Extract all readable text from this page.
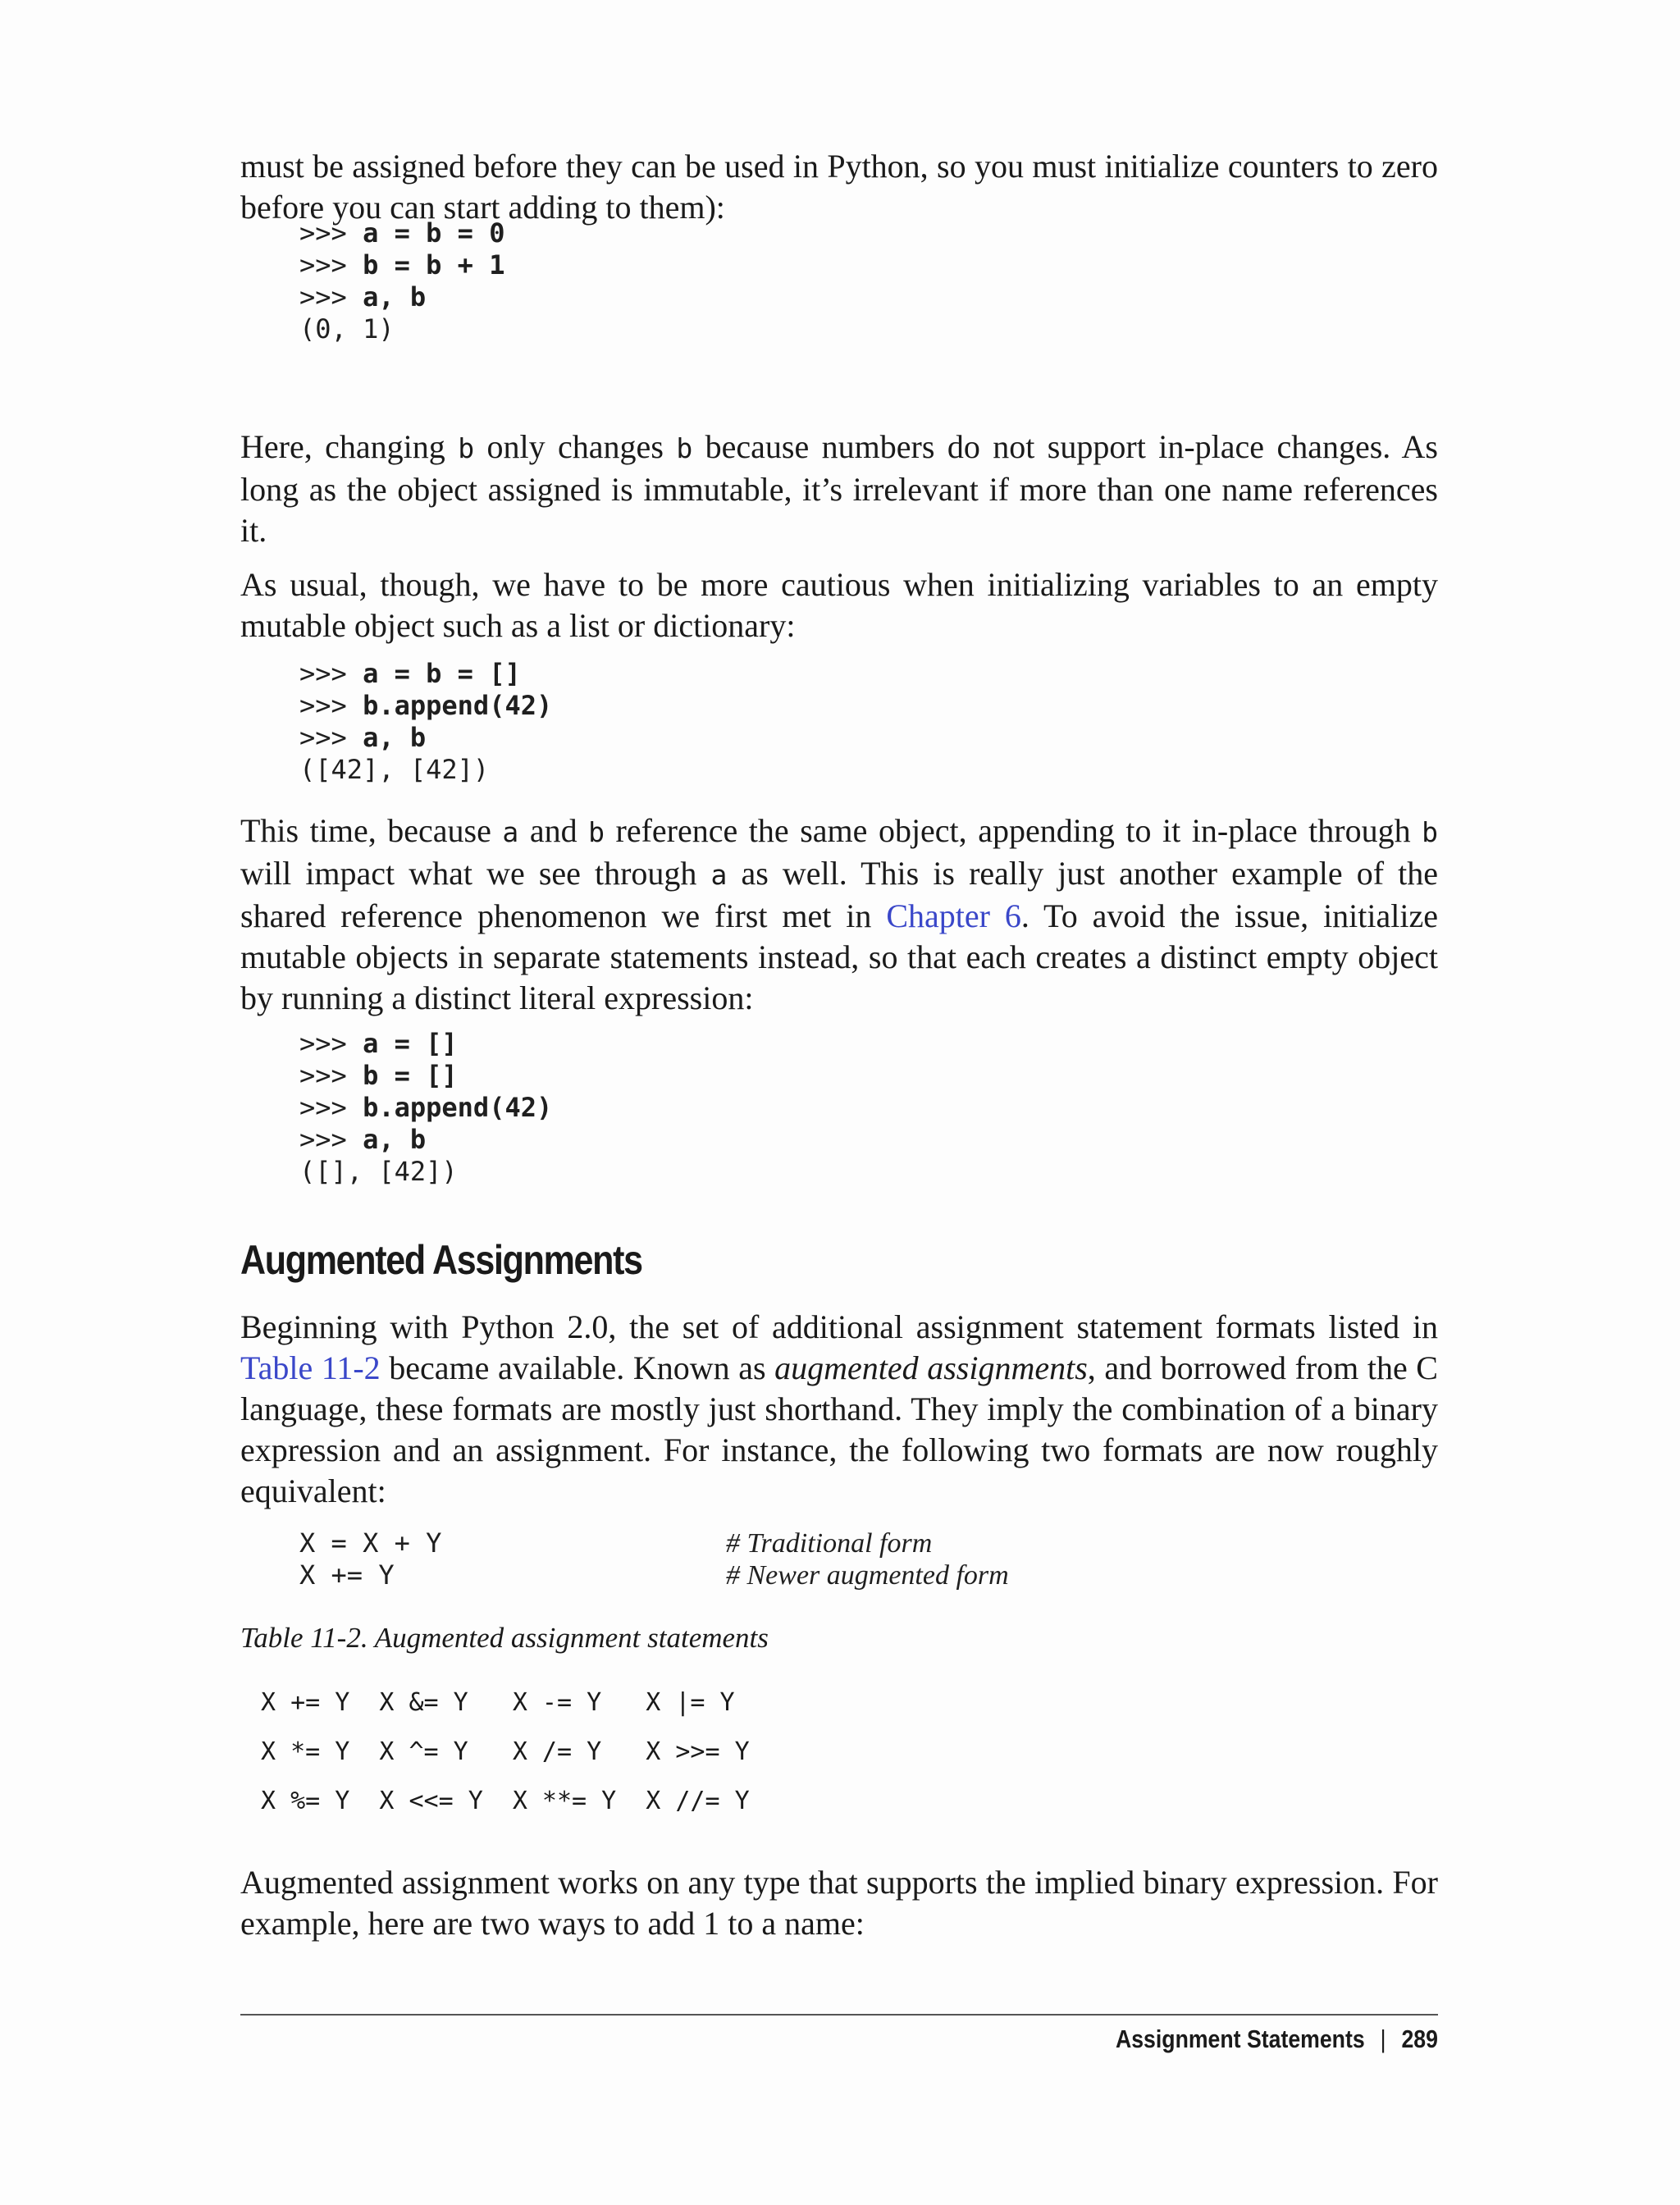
must be assigned before they can be used in Python, so you must initialize counters to zero before you can start adding to them):

>>> a = b = 0
>>> b = b + 1
>>> a, b
(0, 1)

Here, changing b only changes b because numbers do not support in-place changes. As long as the object assigned is immutable, it’s irrelevant if more than one name references it.

As usual, though, we have to be more cautious when initializing variables to an empty mutable object such as a list or dictionary:

>>> a = b = []
>>> b.append(42)
>>> a, b
([42], [42])

This time, because a and b reference the same object, appending to it in-place through b will impact what we see through a as well. This is really just another example of the shared reference phenomenon we first met in Chapter 6. To avoid the issue, initialize mutable objects in separate statements instead, so that each creates a distinct empty object by running a distinct literal expression:

>>> a = []
>>> b = []
>>> b.append(42)
>>> a, b
([], [42])
Augmented Assignments

Beginning with Python 2.0, the set of additional assignment statement formats listed in Table 11-2 became available. Known as augmented assignments, and borrowed from the C language, these formats are mostly just shorthand. They imply the combination of a binary expression and an assignment. For instance, the following two formats are now roughly equivalent:

X = X + Y	# Traditional form

X += Y	# Newer augmented form
Table 11-2. Augmented assignment statements
X += Y	X &= Y	X -= Y	X |= Y
X *= Y	X ^= Y	X /= Y	X >>= Y
X %= Y	X <<= Y	X **= Y	X //= Y

Augmented assignment works on any type that supports the implied binary expression. For example, here are two ways to add 1 to a name:

Assignment Statements | 289
